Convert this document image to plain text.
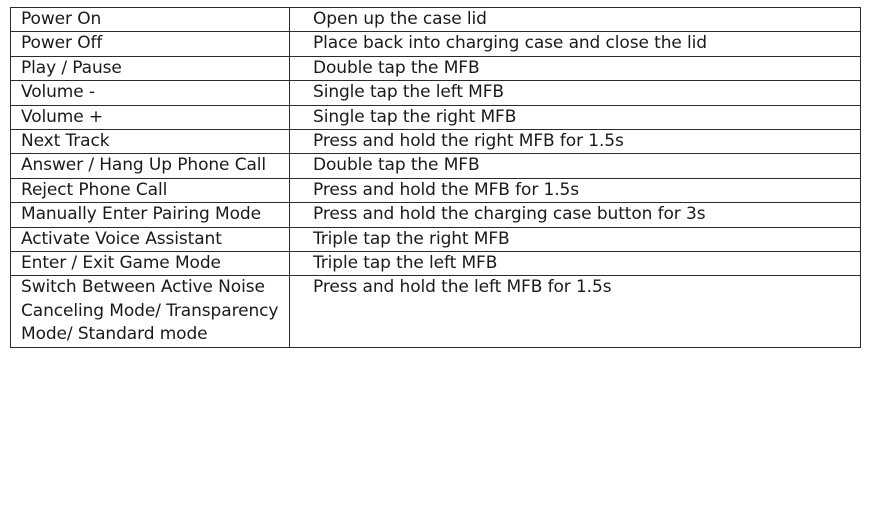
Power On	Open up the case lid
Power Off	Place back into charging case and close the lid
Play / Pause	Double tap the MFB
Volume -	Single tap the left MFB
Volume +	Single tap the right MFB
Next Track	Press and hold the right MFB for 1.5s
Answer / Hang Up Phone Call	Double tap the MFB
Reject Phone Call	Press and hold the MFB for 1.5s
Manually Enter Pairing Mode	Press and hold the charging case button for 3s
Activate Voice Assistant	Triple tap the right MFB
Enter / Exit Game Mode	Triple tap the left MFB
Switch Between Active Noise Canceling Mode/ Transparency Mode/ Standard mode	Press and hold the left MFB for 1.5s
